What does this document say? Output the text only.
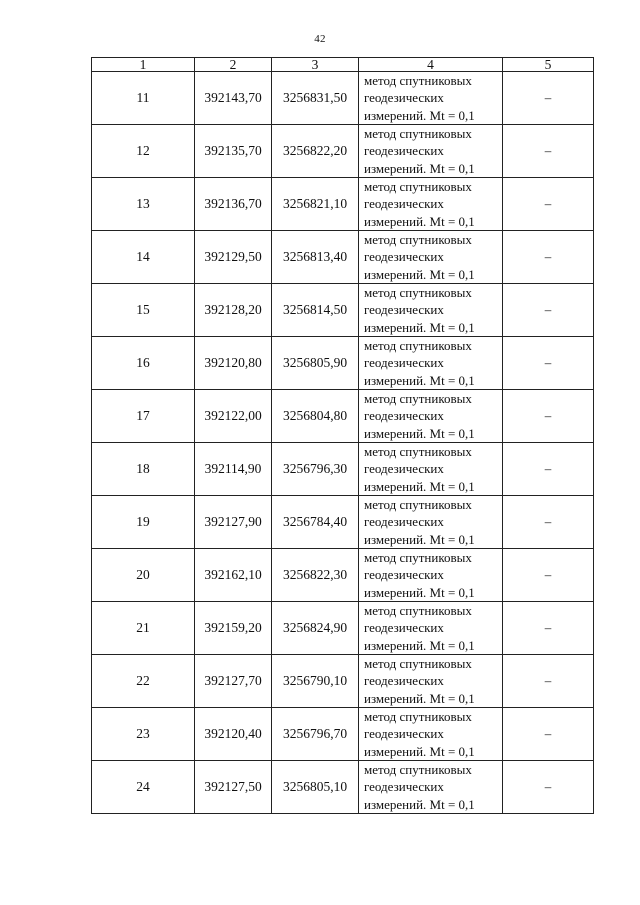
42
1	2	3	4	5
11	392143,70	3256831,50	метод спутниковых
геодезических
измерений. Mt = 0,1	–
12	392135,70	3256822,20	метод спутниковых
геодезических
измерений. Mt = 0,1	–
13	392136,70	3256821,10	метод спутниковых
геодезических
измерений. Mt = 0,1	–
14	392129,50	3256813,40	метод спутниковых
геодезических
измерений. Mt = 0,1	–
15	392128,20	3256814,50	метод спутниковых
геодезических
измерений. Mt = 0,1	–
16	392120,80	3256805,90	метод спутниковых
геодезических
измерений. Mt = 0,1	–
17	392122,00	3256804,80	метод спутниковых
геодезических
измерений. Mt = 0,1	–
18	392114,90	3256796,30	метод спутниковых
геодезических
измерений. Mt = 0,1	–
19	392127,90	3256784,40	метод спутниковых
геодезических
измерений. Mt = 0,1	–
20	392162,10	3256822,30	метод спутниковых
геодезических
измерений. Mt = 0,1	–
21	392159,20	3256824,90	метод спутниковых
геодезических
измерений. Mt = 0,1	–
22	392127,70	3256790,10	метод спутниковых
геодезических
измерений. Mt = 0,1	–
23	392120,40	3256796,70	метод спутниковых
геодезических
измерений. Mt = 0,1	–
24	392127,50	3256805,10	метод спутниковых
геодезических
измерений. Mt = 0,1	–
